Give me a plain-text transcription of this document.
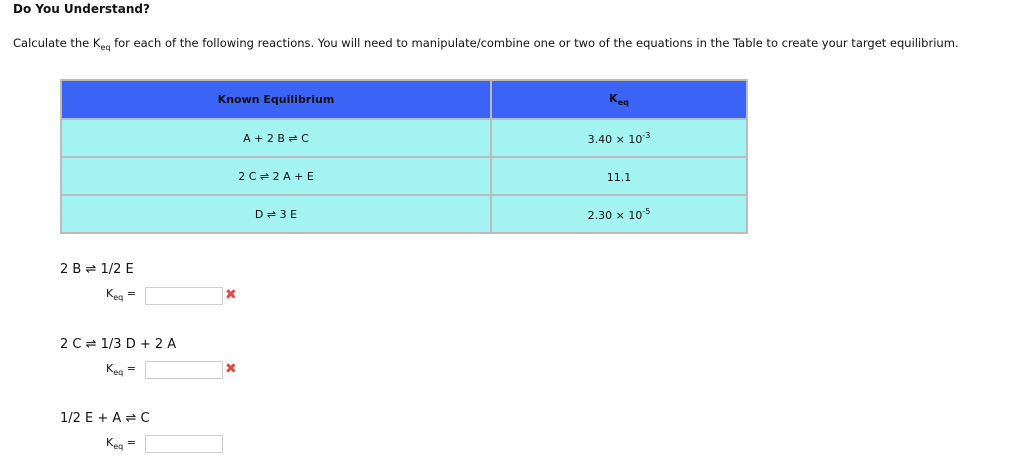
Do You Understand?
Calculate the $K_{eq}$ for each of the following reactions. You will need to manipulate/combine one or two of the equations in the Table to create your target equilibrium.
Known Equilibrium	$K_{eq}$
A + 2 B ⇌ C	$3.40 \times 10^{-3}$
2 C ⇌ 2 A + E	11.1
D ⇌ 3 E	$2.30 \times 10^{-5}$
2 B ⇌ 1/2 E
$K_{eq}$ =	✖
2 C ⇌ 1/3 D + 2 A
$K_{eq}$ =	✖
1/2 E + A ⇌ C
$K_{eq}$ =
